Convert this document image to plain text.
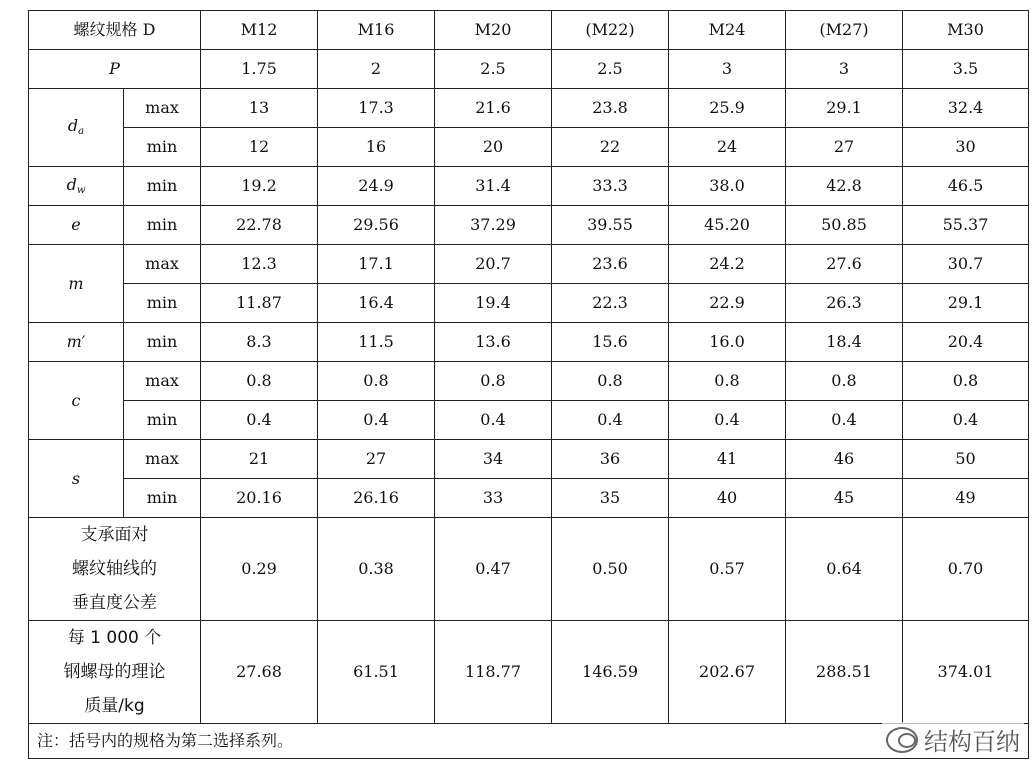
螺纹规格 D		M12	M16	M20	(M22)	M24	(M27)	M30
P		1.75	2	2.5	2.5	3	3	3.5
$d_a$	max	13	17.3	21.6	23.8	25.9	29.1	32.4
	min	12	16	20	22	24	27	30
$d_w$	min	19.2	24.9	31.4	33.3	38.0	42.8	46.5
e	min	22.78	29.56	37.29	39.55	45.20	50.85	55.37
m	max	12.3	17.1	20.7	23.6	24.2	27.6	30.7
	min	11.87	16.4	19.4	22.3	22.9	26.3	29.1
m′	min	8.3	11.5	13.6	15.6	16.0	18.4	20.4
c	max	0.8	0.8	0.8	0.8	0.8	0.8	0.8
	min	0.4	0.4	0.4	0.4	0.4	0.4	0.4
s	max	21	27	34	36	41	46	50
	min	20.16	26.16	33	35	40	45	49

支承面对
螺纹轴线的
垂直度公差		0.29	0.38	0.47	0.50	0.57	0.64	0.70

每 1 000 个
钢螺母的理论
质量/kg		27.68	61.51	118.77	146.59	202.67	288.51	374.01
注：括号内的规格为第二选择系列。									结构百纳
